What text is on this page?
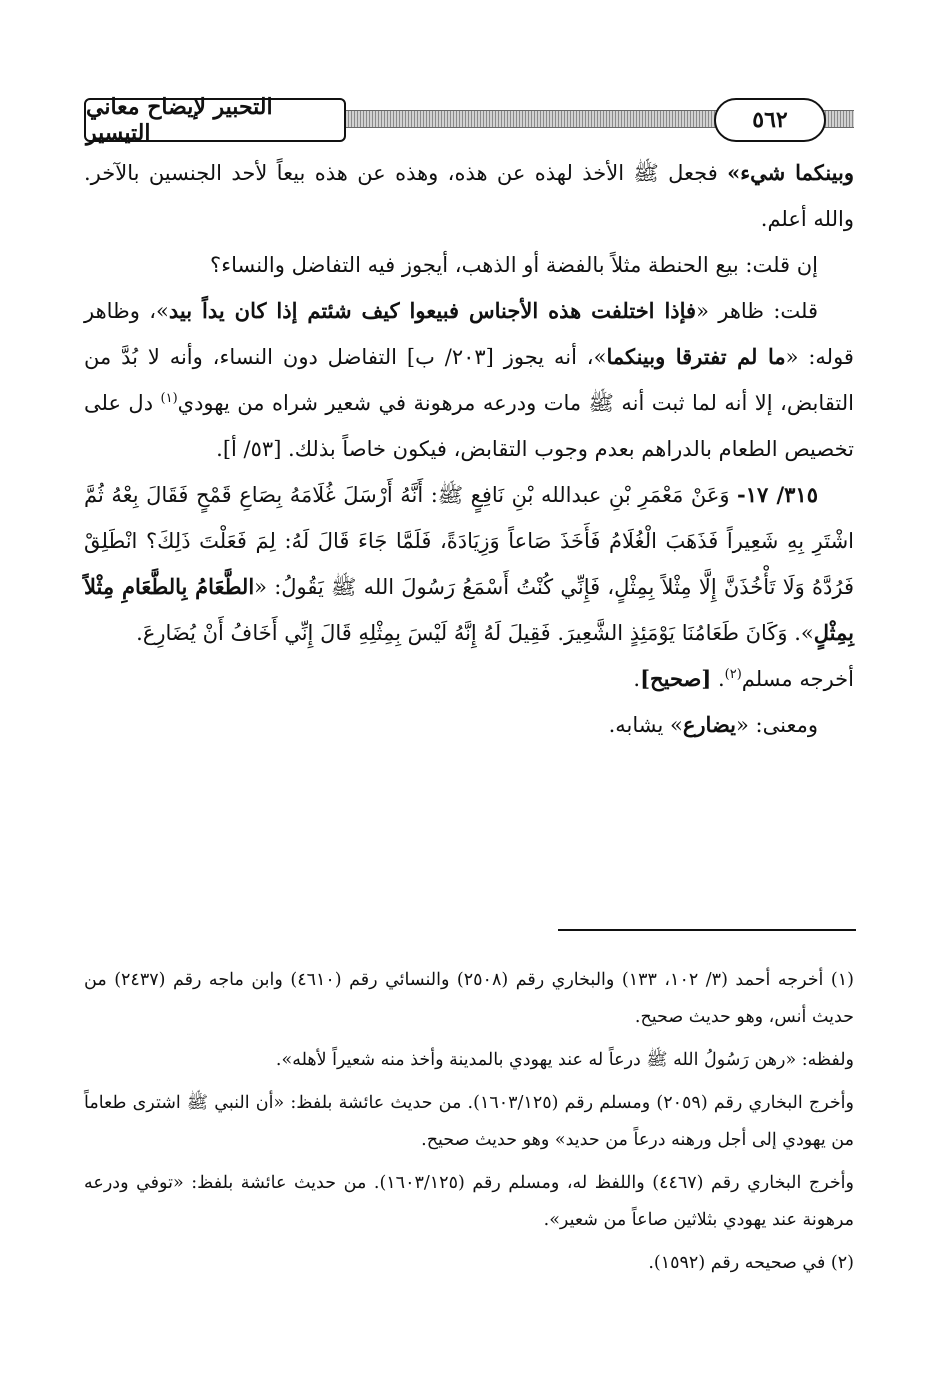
التحبير لإيضاح معاني التيسير	٥٦٢

وبينكما شيء» فجعل ﷺ الأخذ لهذه عن هذه، وهذه عن هذه بيعاً لأحد الجنسين بالآخر. والله أعلم.

إن قلت: بيع الحنطة مثلاً بالفضة أو الذهب، أيجوز فيه التفاضل والنساء؟

قلت: ظاهر «فإذا اختلفت هذه الأجناس فبيعوا كيف شئتم إذا كان يداً بيد»، وظاهر قوله: «ما لم تفترقا وبينكما»، أنه يجوز [٢٠٣/ ب] التفاضل دون النساء، وأنه لا بُدَّ من التقابض، إلا أنه لما ثبت أنه ﷺ مات ودرعه مرهونة في شعير شراه من يهودي$^{(١)}$ دل على تخصيص الطعام بالدراهم بعدم وجوب التقابض، فيكون خاصاً بذلك. [٥٣/ أ].

٣١٥/ ١٧- وَعَنْ مَعْمَرِ بْنِ عبدالله بْنِ نَافِعٍ ﷺ: أَنَّهُ أَرْسَلَ غُلَامَهُ بِصَاعِ قَمْحٍ فَقَالَ بِعْهُ ثُمَّ اشْتَرِ بِهِ شَعِيراً فَذَهَبَ الْغُلَامُ فَأَخَذَ صَاعاً وَزِيَادَةً، فَلَمَّا جَاءَ قَالَ لَهُ: لِمَ فَعَلْتَ ذَلِكَ؟ انْطَلِقْ فَرُدَّهُ وَلَا تَأْخُذَنَّ إِلَّا مِثْلاً بِمِثْلٍ، فَإِنِّي كُنْتُ أَسْمَعُ رَسُولَ الله ﷺ يَقُولُ: «الطَّعَامُ بِالطَّعَامِ مِثْلاً بِمِثْلٍ». وَكَانَ طَعَامُنَا يَوْمَئِذٍ الشَّعِيرَ. فَقِيلَ لَهُ إِنَّهُ لَيْسَ بِمِثْلِهِ قَالَ إِنِّي أَخَافُ أَنْ يُضَارِعَ.

أخرجه مسلم$^{(٢)}$. [صحيح].

ومعنى: «يضارع» يشابه.

(١) أخرجه أحمد (٣/ ١٠٢، ١٣٣) والبخاري رقم (٢٥٠٨) والنسائي رقم (٤٦١٠) وابن ماجه رقم (٢٤٣٧) من حديث أنس، وهو حديث صحيح.

ولفظه: «رهن رَسُولُ الله ﷺ درعاً له عند يهودي بالمدينة وأخذ منه شعيراً لأهله».

وأخرج البخاري رقم (٢٠٥٩) ومسلم رقم (١٦٠٣/١٢٥). من حديث عائشة بلفظ: «أن النبي ﷺ اشترى طعاماً من يهودي إلى أجل ورهنه درعاً من حديد» وهو حديث صحيح.

وأخرج البخاري رقم (٤٤٦٧) واللفظ له، ومسلم رقم (١٦٠٣/١٢٥). من حديث عائشة بلفظ: «توفي ودرعه مرهونة عند يهودي بثلاثين صاعاً من شعير».

(٢) في صحيحه رقم (١٥٩٢).
